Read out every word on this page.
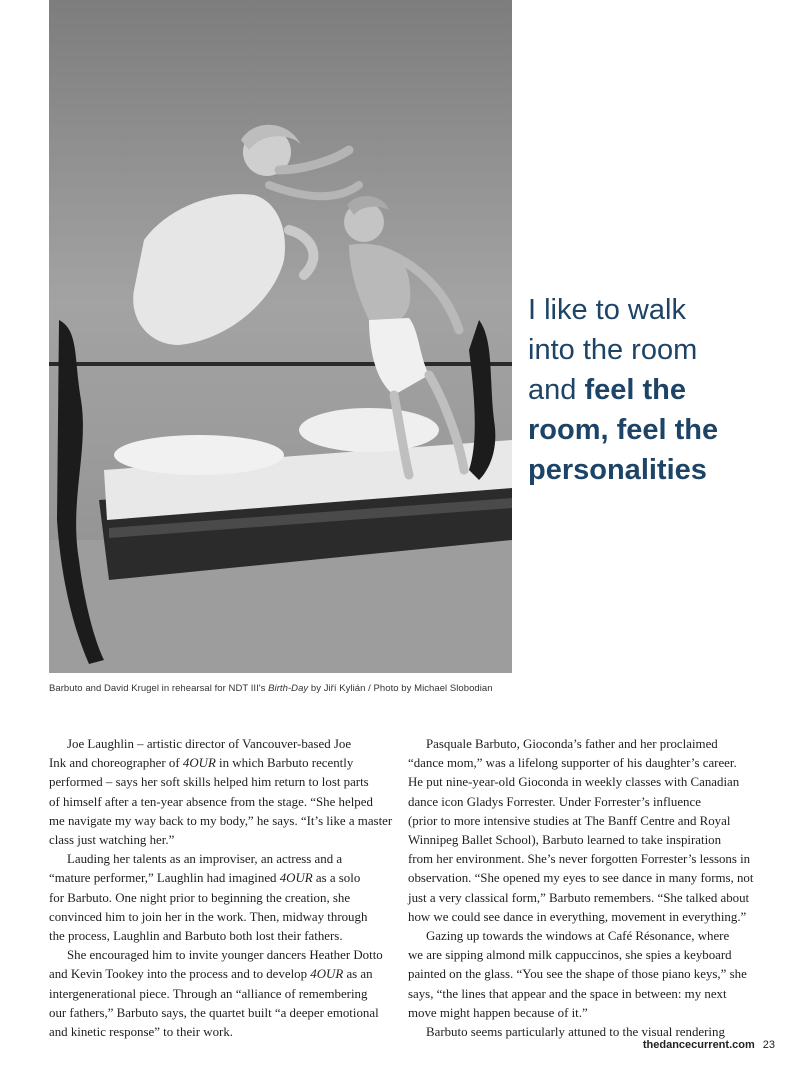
Barbuto and David Krugel in rehearsal for NDT III's Birth-Day by Jiří Kylián / Photo by Michael Slobodian
I like to walk
into the room
and feel the
room, feel the
personalities
Joe Laughlin – artistic director of Vancouver-based Joe
Ink and choreographer of 4OUR in which Barbuto recently
performed – says her soft skills helped him return to lost parts
of himself after a ten-year absence from the stage. “She helped
me navigate my way back to my body,” he says. “It’s like a master
class just watching her.”
Lauding her talents as an improviser, an actress and a
“mature performer,” Laughlin had imagined 4OUR as a solo
for Barbuto. One night prior to beginning the creation, she
convinced him to join her in the work. Then, midway through
the process, Laughlin and Barbuto both lost their fathers.
She encouraged him to invite younger dancers Heather Dotto
and Kevin Tookey into the process and to develop 4OUR as an
intergenerational piece. Through an “alliance of remembering
our fathers,” Barbuto says, the quartet built “a deeper emotional
and kinetic response” to their work.
Pasquale Barbuto, Gioconda’s father and her proclaimed
“dance mom,” was a lifelong supporter of his daughter’s career.
He put nine-year-old Gioconda in weekly classes with Canadian
dance icon Gladys Forrester. Under Forrester’s influence
(prior to more intensive studies at The Banff Centre and Royal
Winnipeg Ballet School), Barbuto learned to take inspiration
from her environment. She’s never forgotten Forrester’s lessons in
observation. “She opened my eyes to see dance in many forms, not
just a very classical form,” Barbuto remembers. “She talked about
how we could see dance in everything, movement in everything.”
Gazing up towards the windows at Café Résonance, where
we are sipping almond milk cappuccinos, she spies a keyboard
painted on the glass. “You see the shape of those piano keys,” she
says, “the lines that appear and the space in between: my next
move might happen because of it.”
Barbuto seems particularly attuned to the visual rendering
thedancecurrent.com 23
